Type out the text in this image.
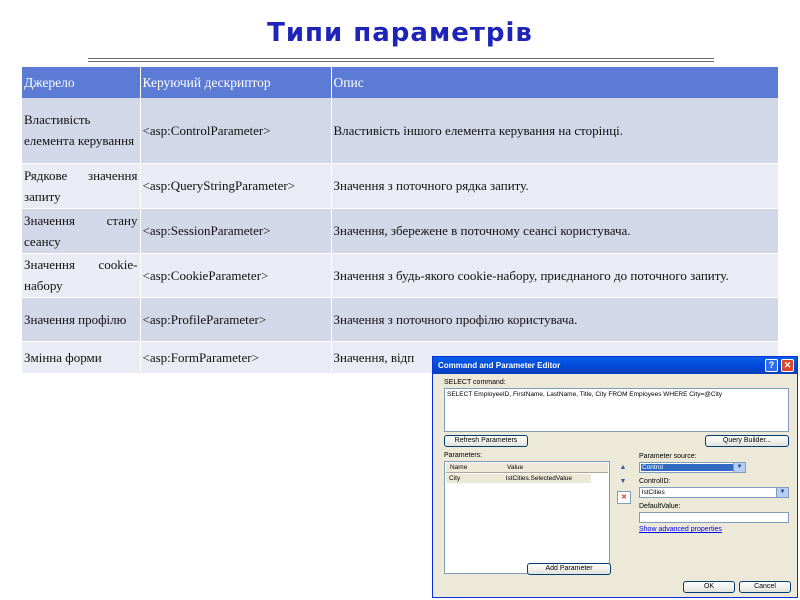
Типи параметрів
Джерело	Керуючий дескриптор	Опис
Властивість елемента керування	<asp:ControlParameter>	Властивість іншого елемента керування на сторінці.
Рядкове значення запиту	<asp:QueryStringParameter>	Значення з поточного рядка запиту.
Значення стану сеансу	<asp:SessionParameter>	Значення, збережене в поточному сеансі користувача.
Значення cookie-набору	<asp:CookieParameter>	Значення з будь-якого cookie-набору, приєднаного до поточного запиту.
Значення профілю	<asp:ProfileParameter>	Значення з поточного профілю користувача.
Змінна форми	<asp:FormParameter>	Значення, відп
Command and Parameter Editor	?	✕
SELECT command:
SELECT EmployeeID, FirstName, LastName, Title, City FROM Employees WHERE City=@City
Refresh Parameters	Query Builder...
Parameters:
Name	Value
City	lstCities.SelectedValue
▲
▼
✕
Parameter source:
Control	▼
ControlID:
lstCities	▼
DefaultValue:
Show advanced properties
Add Parameter
OK	Cancel
